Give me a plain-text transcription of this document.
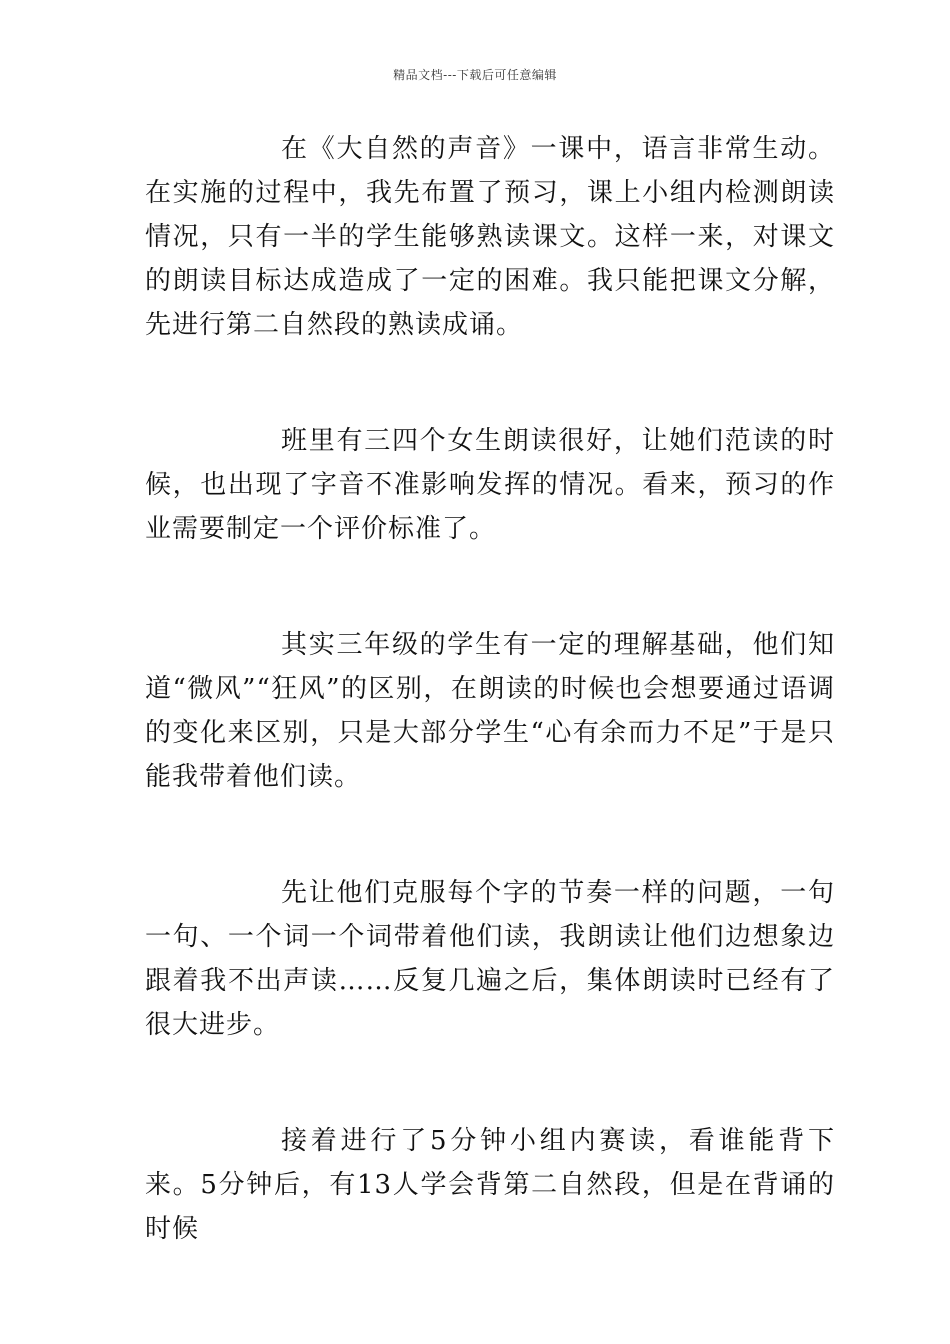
精品文档---下载后可任意编辑

在《大自然的声音》一课中，语言非常生动。在实施的过程中，我先布置了预习，课上小组内检测朗读情况，只有一半的学生能够熟读课文。这样一来，对课文的朗读目标达成造成了一定的困难。我只能把课文分解，先进行第二自然段的熟读成诵。

班里有三四个女生朗读很好，让她们范读的时候，也出现了字音不准影响发挥的情况。看来，预习的作业需要制定一个评价标准了。

其实三年级的学生有一定的理解基础，他们知道“微风”“狂风”的区别，在朗读的时候也会想要通过语调的变化来区别，只是大部分学生“心有余而力不足”于是只能我带着他们读。

先让他们克服每个字的节奏一样的问题，一句一句、一个词一个词带着他们读，我朗读让他们边想象边跟着我不出声读……反复几遍之后，集体朗读时已经有了很大进步。

接着进行了5分钟小组内赛读，看谁能背下来。5分钟后，有13人学会背第二自然段，但是在背诵的时候
